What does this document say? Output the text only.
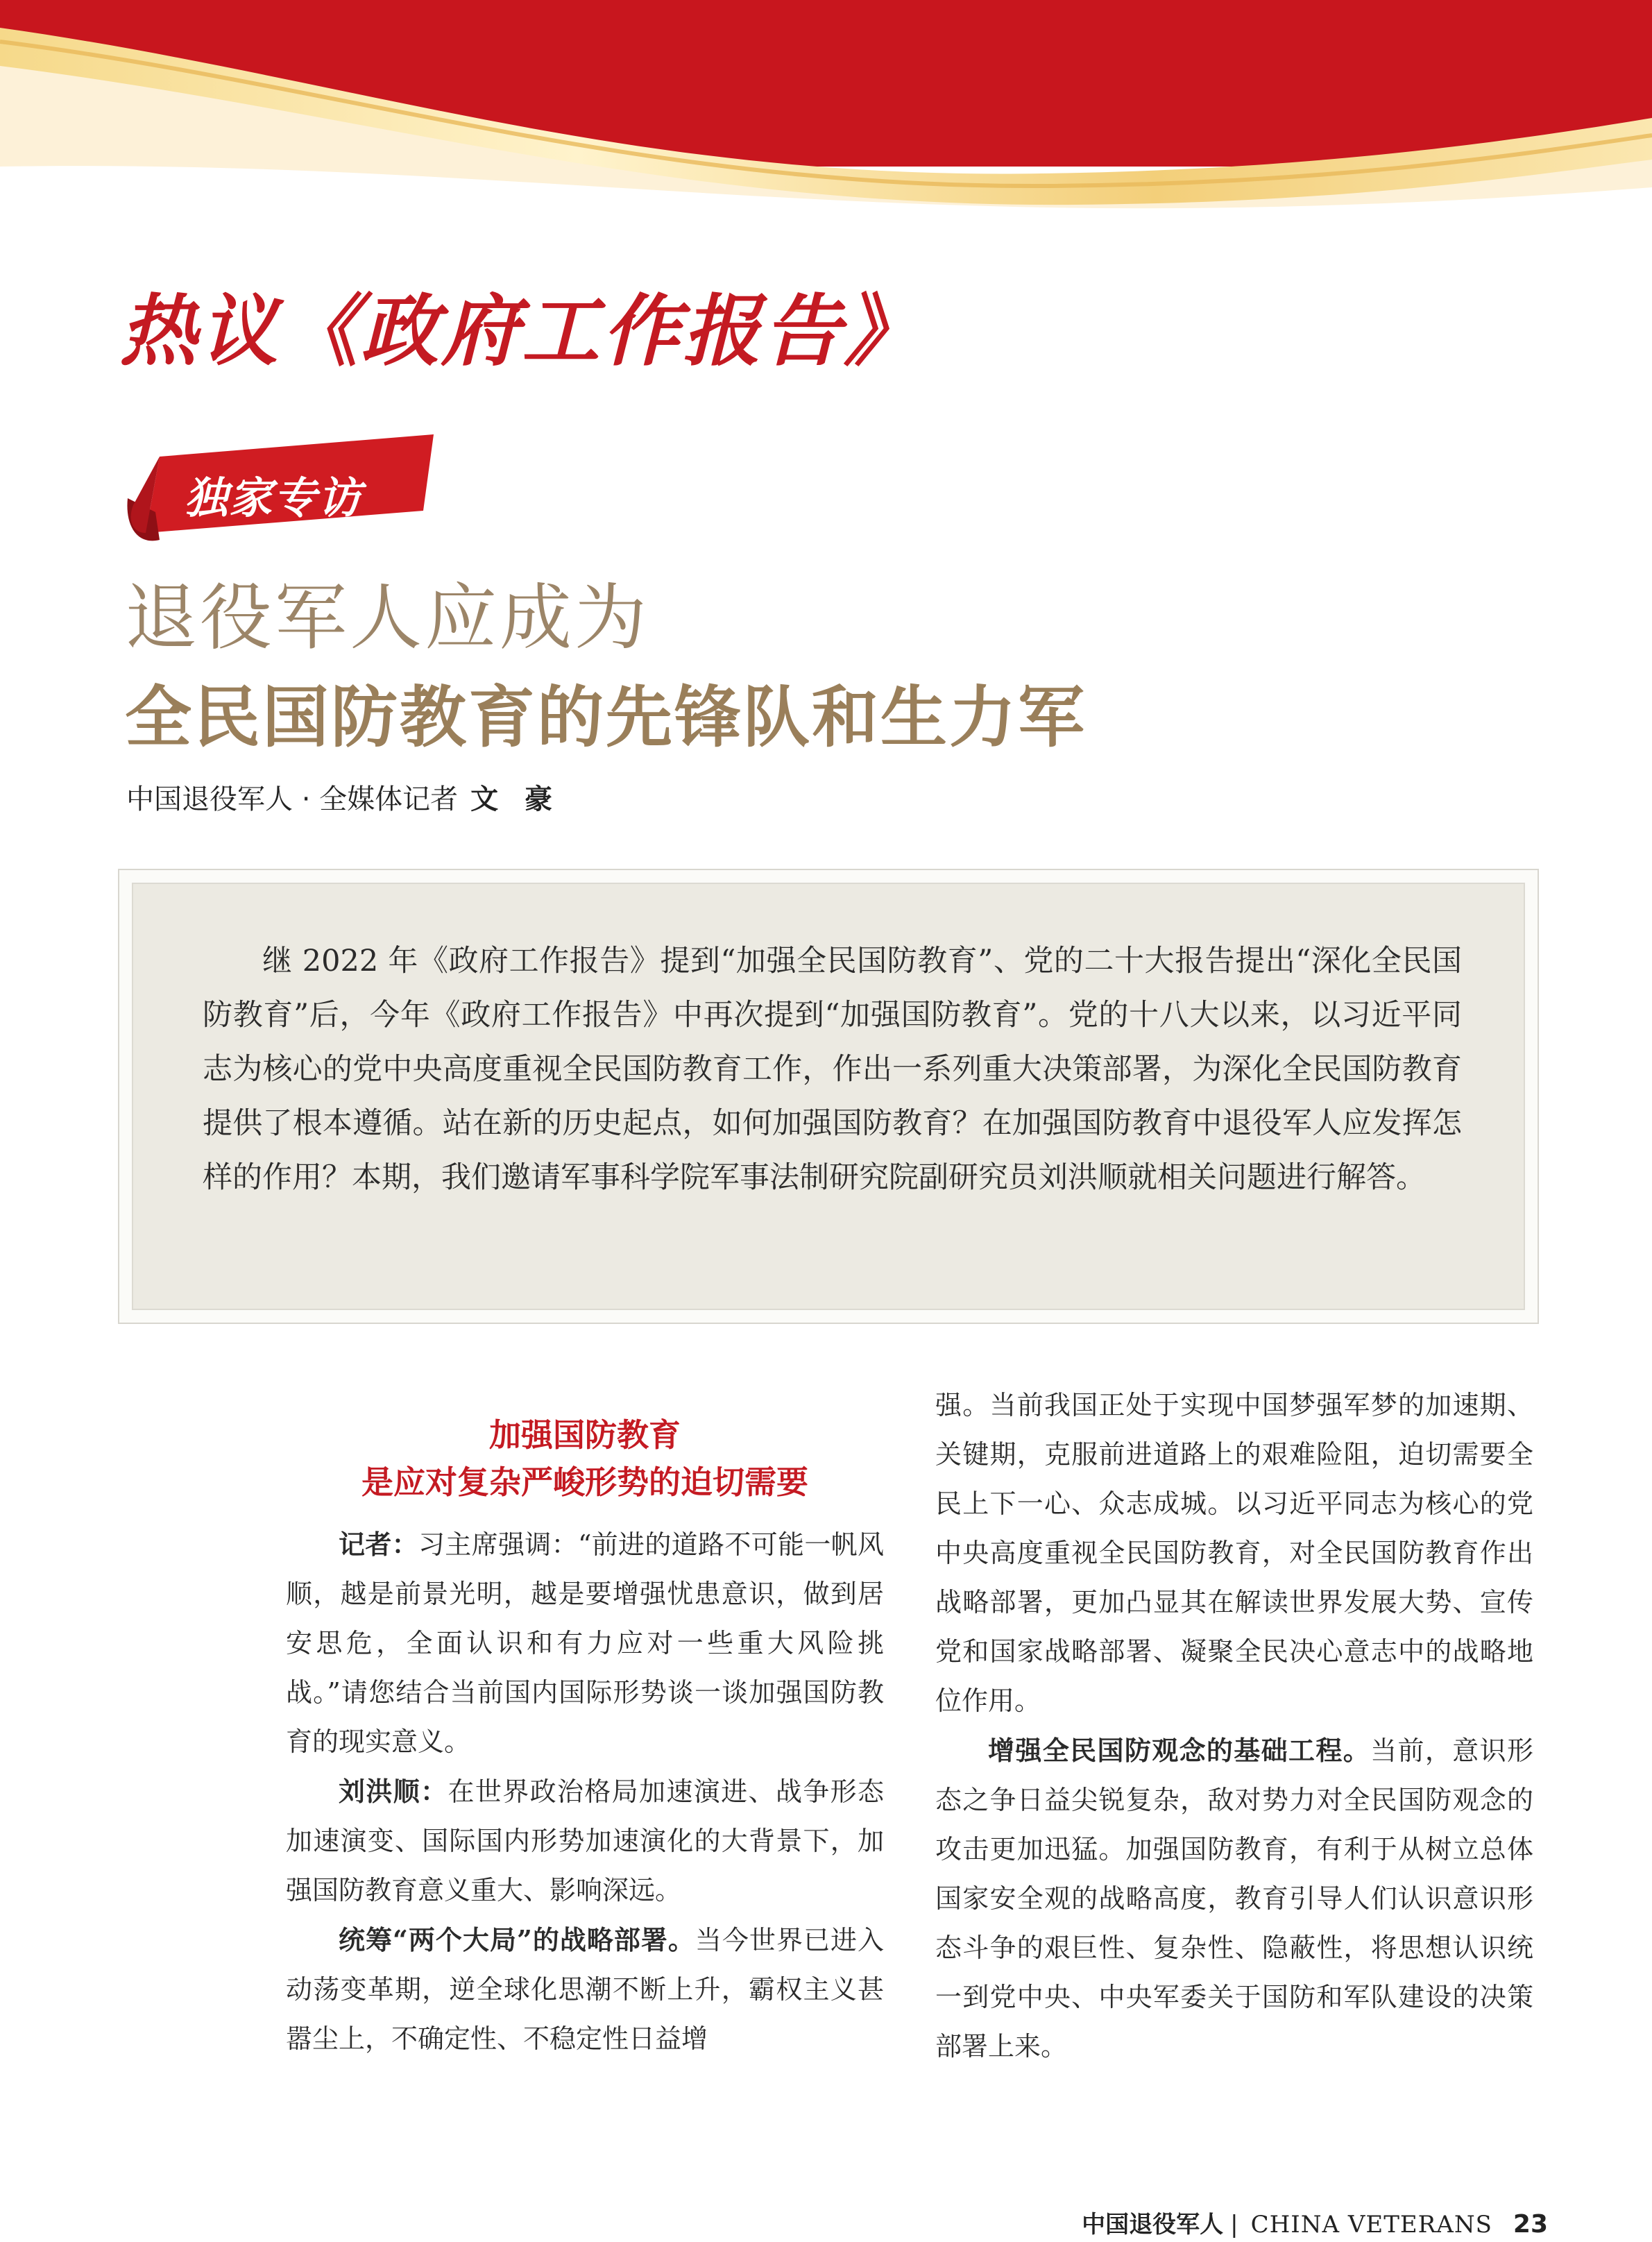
热议《政府工作报告》
独家专访
退役军人应成为
全民国防教育的先锋队和生力军
中国退役军人 · 全媒体记者 文 豪

继 2022 年《政府工作报告》提到“加强全民国防教育”、党的二十大报告提出“深化全民国防教育”后，今年《政府工作报告》中再次提到“加强国防教育”。党的十八大以来，以习近平同志为核心的党中央高度重视全民国防教育工作，作出一系列重大决策部署，为深化全民国防教育提供了根本遵循。站在新的历史起点，如何加强国防教育？在加强国防教育中退役军人应发挥怎样的作用？本期，我们邀请军事科学院军事法制研究院副研究员刘洪顺就相关问题进行解答。

加强国防教育
是应对复杂严峻形势的迫切需要

记者：习主席强调：“前进的道路不可能一帆风顺，越是前景光明，越是要增强忧患意识，做到居安思危，全面认识和有力应对一些重大风险挑战。”请您结合当前国内国际形势谈一谈加强国防教育的现实意义。

刘洪顺：在世界政治格局加速演进、战争形态加速演变、国际国内形势加速演化的大背景下，加强国防教育意义重大、影响深远。

统筹“两个大局”的战略部署。当今世界已进入动荡变革期，逆全球化思潮不断上升，霸权主义甚嚣尘上，不确定性、不稳定性日益增

强。当前我国正处于实现中国梦强军梦的加速期、关键期，克服前进道路上的艰难险阻，迫切需要全民上下一心、众志成城。以习近平同志为核心的党中央高度重视全民国防教育，对全民国防教育作出战略部署，更加凸显其在解读世界发展大势、宣传党和国家战略部署、凝聚全民决心意志中的战略地位作用。

增强全民国防观念的基础工程。当前，意识形态之争日益尖锐复杂，敌对势力对全民国防观念的攻击更加迅猛。加强国防教育，有利于从树立总体国家安全观的战略高度，教育引导人们认识意识形态斗争的艰巨性、复杂性、隐蔽性，将思想认识统一到党中央、中央军委关于国防和军队建设的决策部署上来。

中国退役军人 | CHINA VETERANS 23
